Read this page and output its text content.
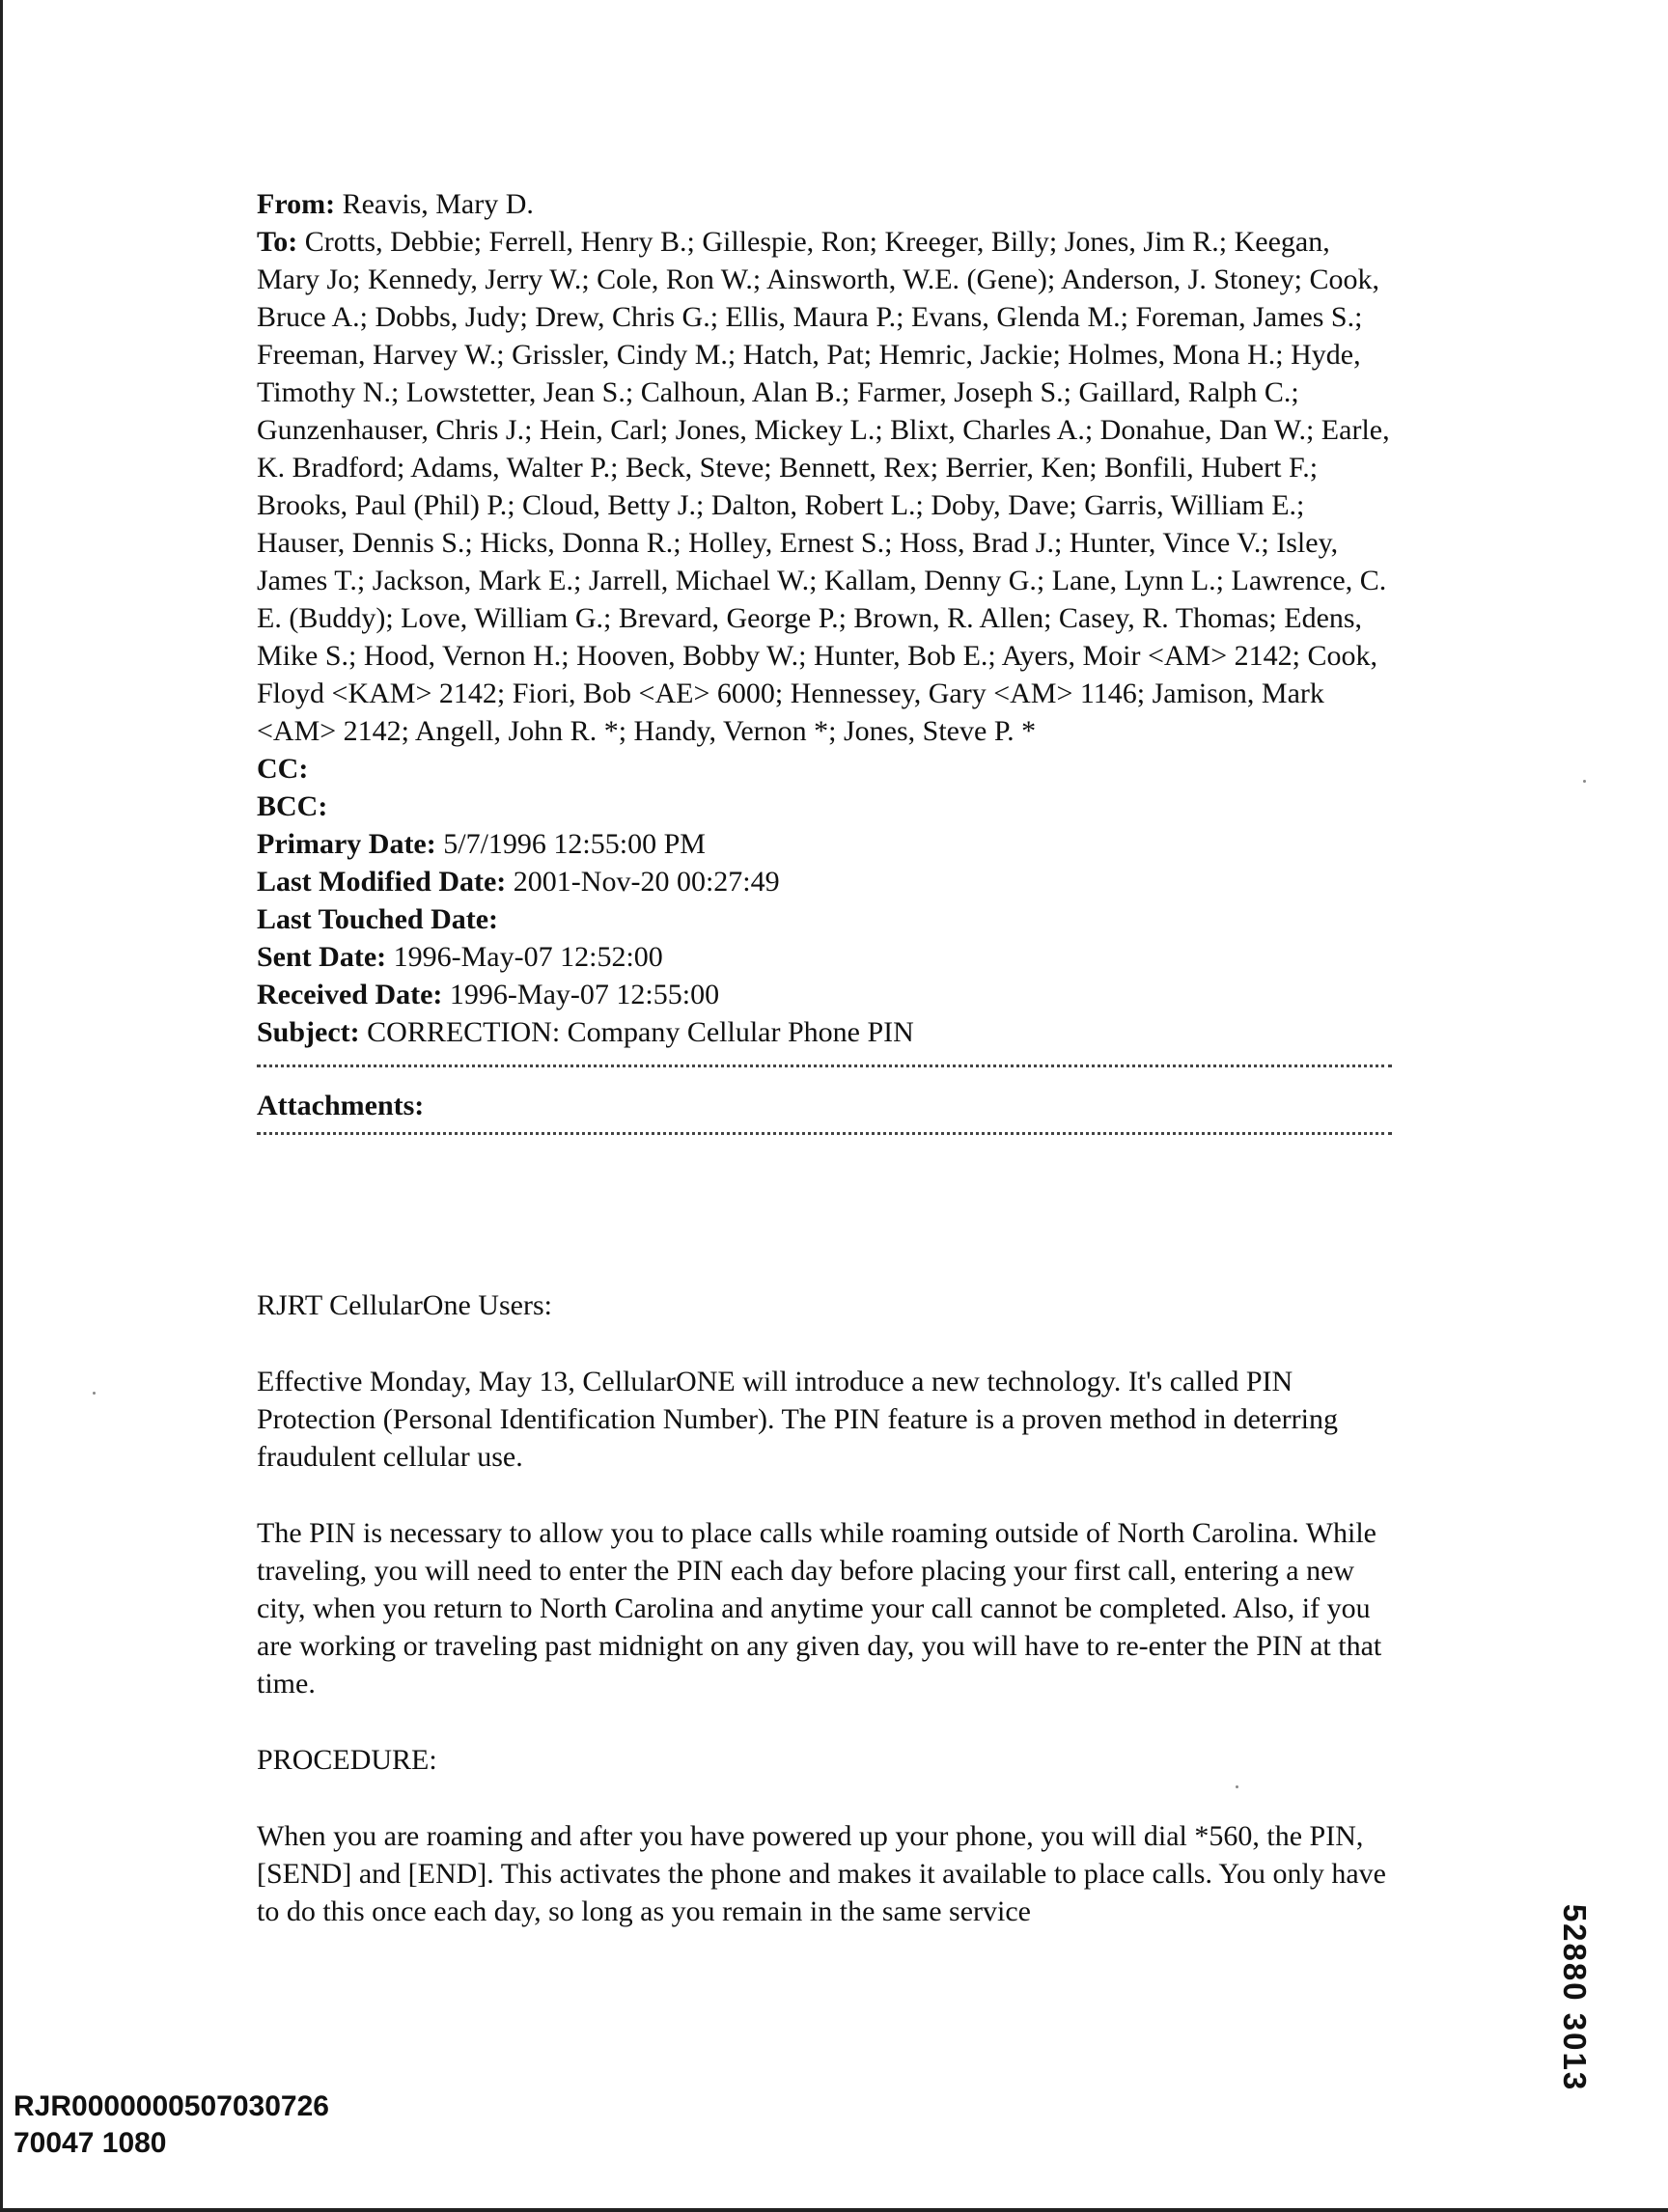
From: Reavis, Mary D.

To: Crotts, Debbie; Ferrell, Henry B.; Gillespie, Ron; Kreeger, Billy; Jones, Jim R.; Keegan, Mary Jo; Kennedy, Jerry W.; Cole, Ron W.; Ainsworth, W.E. (Gene); Anderson, J. Stoney; Cook, Bruce A.; Dobbs, Judy; Drew, Chris G.; Ellis, Maura P.; Evans, Glenda M.; Foreman, James S.; Freeman, Harvey W.; Grissler, Cindy M.; Hatch, Pat; Hemric, Jackie; Holmes, Mona H.; Hyde, Timothy N.; Lowstetter, Jean S.; Calhoun, Alan B.; Farmer, Joseph S.; Gaillard, Ralph C.; Gunzenhauser, Chris J.; Hein, Carl; Jones, Mickey L.; Blixt, Charles A.; Donahue, Dan W.; Earle, K. Bradford; Adams, Walter P.; Beck, Steve; Bennett, Rex; Berrier, Ken; Bonfili, Hubert F.; Brooks, Paul (Phil) P.; Cloud, Betty J.; Dalton, Robert L.; Doby, Dave; Garris, William E.; Hauser, Dennis S.; Hicks, Donna R.; Holley, Ernest S.; Hoss, Brad J.; Hunter, Vince V.; Isley, James T.; Jackson, Mark E.; Jarrell, Michael W.; Kallam, Denny G.; Lane, Lynn L.; Lawrence, C. E. (Buddy); Love, William G.; Brevard, George P.; Brown, R. Allen; Casey, R. Thomas; Edens, Mike S.; Hood, Vernon H.; Hooven, Bobby W.; Hunter, Bob E.; Ayers, Moir <AM> 2142; Cook, Floyd <KAM> 2142; Fiori, Bob <AE> 6000; Hennessey, Gary <AM> 1146; Jamison, Mark <AM> 2142; Angell, John R. *; Handy, Vernon *; Jones, Steve P. *

CC:

BCC:

Primary Date: 5/7/1996 12:55:00 PM

Last Modified Date: 2001-Nov-20 00:27:49

Last Touched Date:

Sent Date: 1996-May-07 12:52:00

Received Date: 1996-May-07 12:55:00

Subject: CORRECTION: Company Cellular Phone PIN

Attachments:

RJRT CellularOne Users:

Effective Monday, May 13, CellularONE will introduce a new technology. It's called PIN Protection (Personal Identification Number). The PIN feature is a proven method in deterring fraudulent cellular use.

The PIN is necessary to allow you to place calls while roaming outside of North Carolina. While traveling, you will need to enter the PIN each day before placing your first call, entering a new city, when you return to North Carolina and anytime your call cannot be completed. Also, if you are working or traveling past midnight on any given day, you will have to re-enter the PIN at that time.

PROCEDURE:

When you are roaming and after you have powered up your phone, you will dial *560, the PIN, [SEND] and [END]. This activates the phone and makes it available to place calls. You only have to do this once each day, so long as you remain in the same service

RJR0000000507030726
70047 1080
52880 3013
